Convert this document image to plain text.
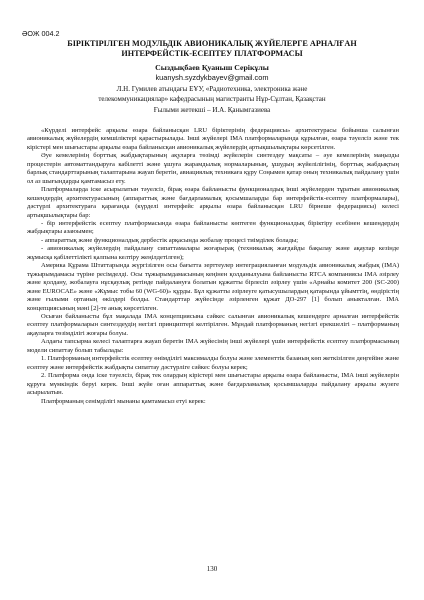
ӘОЖ 004.2
БІРІКТІРІЛГЕН МОДУЛЬДІК АВИОНИКАЛЫҚ ЖҮЙЕЛЕРГЕ АРНАЛҒАН
ИНТЕРФЕЙСТІК-ЕСЕПТЕУ ПЛАТФОРМАСЫ
Сыздықбаев Қуаныш Серікұлы
kuanysh.syzdykbayev@gmail.com
Л.Н. Гумилев атындағы ЕҰУ, «Радиотехника, электроника және
телекоммуникациялар» кафедрасының магистранты Нұр-Сұлтан, Қазақстан
Ғылыми жетекші – И.А. Қанымгазиева

«Күрделі интерфейс арқылы өзара байланысқан LRU біріктерінің федерациясы» архитектурасы бойынша салынған авионикалық жүйелердің кемшіліктері қарастырылады. Іншi жүйелері IMA платформаларында құрылған, өзара тәуелсіз және тек кірістері мен шығыстары арқылы өзара байланысқан авионикалық жүйелердің артықшылықтары көрсетілген.

Әуе кемелерінің борттық жабдықтарының ақуларға төзімді жүйелерін синтездеу мақсаты – әуе кемелерінің маңызды процестерін автоматтандыруға кабілетті және ұшуға жарамдылық нормаларының, ұшудың жүйелілігінің, борттық жабдықтың барлық стандарттарының талаптарына жауап беретін, авиациялық техникаға құру Соңымен қатар оның техникалық пайдалану үшін ол аз шығындарды қамтамасыз ету.

Платформаларда іске асырылатын тәуелсіз, бірақ өзара байланысты функционалдық іншi жүйелерден тұратын авионикалық кешендердің архитектурасының (аппараттық және бағдарламалық қосымшаларды бар интерфейстік-есептеу платформалары), дәстүрлі архитектураға қарағанда (күрделі интерфейс арқылы өзара байланысқан LRU бірнеше федерациясы) келесі артықшылықтары бар:

- бір интерфейстік есептеу платформасында өзара байланысты көптеген функционалдық біріктіру есебінен кешендердің жабдықтары азаюымен;

- аппараттық және функционалдық дербестік арқасында жобалау процесі тиімділек болады;

- авионикалық жүйелердің пайдалану сипаттамалары жоғарырақ (техникалық жағдайды бақылау және ақаулар кезінде жұмысқа қабілеттілікті қалпына келтіру жеңілдетілген);

Америка Құрама Штаттарында жүргізілген осы бағытта зерттеулер интеграцияланған модульдік авионикалық жабдық (IMA) тұжырымдамасы түріне ресімделді. Осы тұжырымдамасының кеңінен қолданылуына байланысты RTCA компаниясы IMA әзірлеу және қолдану, жобалауға нұсқаулық ретінде пайдалануға болатын құжатты бірлесіп әзірлеу үшін «Арнайы комитет 200 (SC-200) және EUROCAE» және «Жұмыс тобы 60 (WG-60)» құрды. Бұл құжатты әзірлеуге қатысушылардың қатарында ұйымттің, өндірістің және ғылыми ортаның өкілдері болды. Стандарттар жүйесінде әзірленген құжат ДО-297 [1] болып аныкталған. IMA концепциясының мәні [2]-те анық көрсетілген.

Осыған байланысты бұл мақалада IMA концепциясына сәйкес салынған авионикалық кешендерге арналған интерфейстік есептеу платформаларын синтездеудің негізгі принциптері келтірілген. Мұндай платформаның негізгі ерекшелігі – платформаның ақауларға төзімділігі жоғары болуы.

Алдағы тапсырма келесі талаптарға жауап беретін IMA жүйесінің іншi жүйелері үшін интерфейстік есептеу платформасының модели сипаттау болып табылады:

1. Платформаның интерфейстік есептеу өнімділігі максималды болуы және элементтік базаның көп жеткізілген деңгейіне және есептеу және интерфейстік жабдықты сипаттау дәстүрліге сәйкес болуы керек;

2. Платформа онда іске тәуелсіз, бірақ тек олардың кірістері мен шығыстары арқылы өзара байланысты, IMA іншi жүйелерін құруға мүмкіндік беруі керек. Іншi жүйе оған аппараттық және бағдарламалық қосымшаларды пайдалану арқылы жүзеге асырылатын.

Платформаның сенімділігі мынаны қамтамасыз етуі керек:

130
